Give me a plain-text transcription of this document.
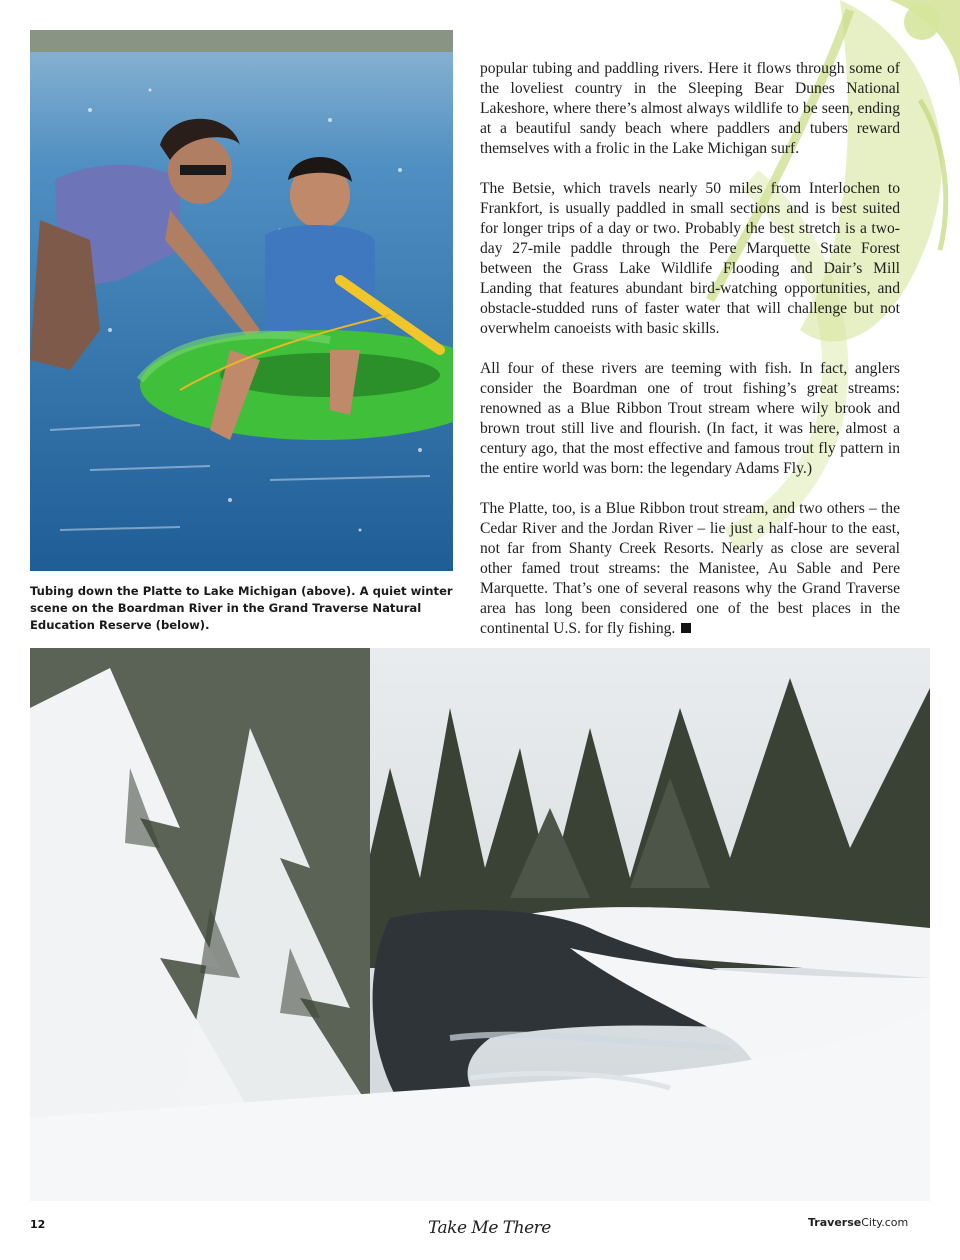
Tubing down the Platte to Lake Michigan (above). A quiet winter scene on the Boardman River in the Grand Traverse Natural Education Reserve (below).

popular tubing and paddling rivers. Here it flows through some of the loveliest country in the Sleeping Bear Dunes National Lakeshore, where there’s almost always wildlife to be seen, ending at a beautiful sandy beach where paddlers and tubers reward themselves with a frolic in the Lake Michigan surf.

The Betsie, which travels nearly 50 miles from Interlochen to Frankfort, is usually paddled in small sections and is best suited for longer trips of a day or two. Probably the best stretch is a two-day 27-mile paddle through the Pere Marquette State Forest between the Grass Lake Wildlife Flooding and Dair’s Mill Landing that features abundant bird-watching opportunities, and obstacle-studded runs of faster water that will challenge but not overwhelm canoeists with basic skills.

All four of these rivers are teeming with fish. In fact, anglers consider the Boardman one of trout fishing’s great streams: renowned as a Blue Ribbon Trout stream where wily brook and brown trout still live and flourish. (In fact, it was here, almost a century ago, that the most effective and famous trout fly pattern in the entire world was born: the legendary Adams Fly.)

The Platte, too, is a Blue Ribbon trout stream, and two others – the Cedar River and the Jordan River – lie just a half-hour to the east, not far from Shanty Creek Resorts. Nearly as close are several other famed trout streams: the Manistee, Au Sable and Pere Marquette. That’s one of several reasons why the Grand Traverse area has long been considered one of the best places in the continental U.S. for fly fishing.

12	Take Me There	TraverseCity.com
